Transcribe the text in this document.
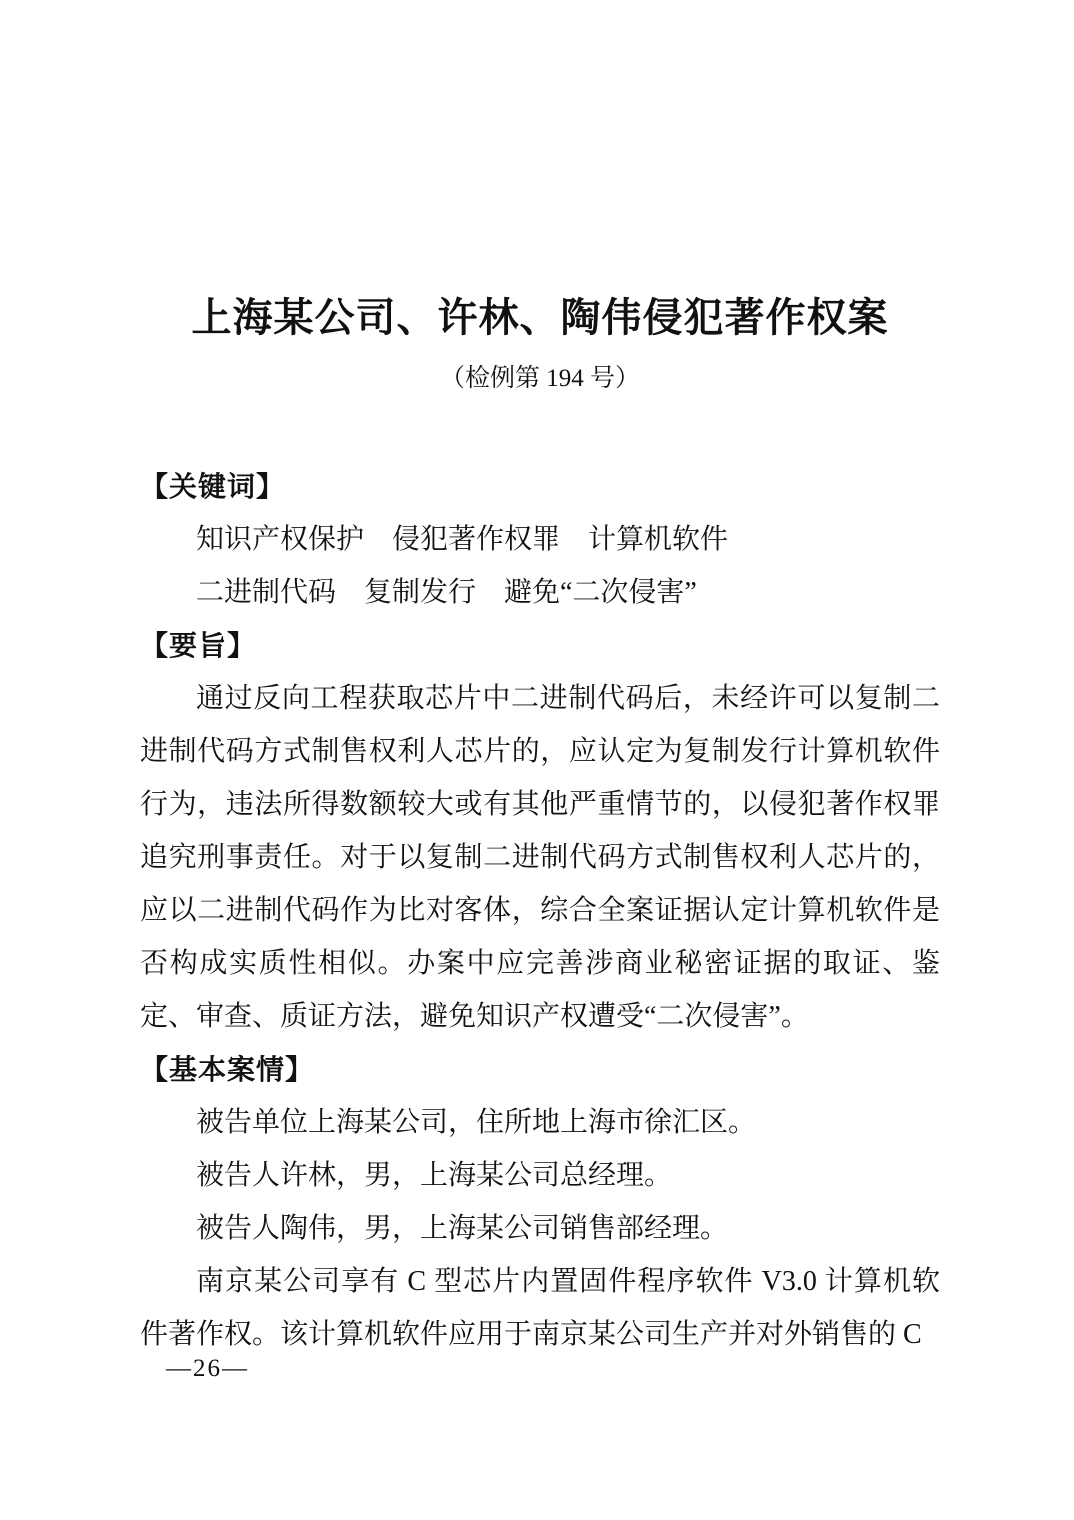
上海某公司、许林、陶伟侵犯著作权案
（检例第 194 号）
【关键词】
知识产权保护　侵犯著作权罪　计算机软件
二进制代码　复制发行　避免“二次侵害”
【要旨】

通过反向工程获取芯片中二进制代码后，未经许可以复制二进制代码方式制售权利人芯片的，应认定为复制发行计算机软件行为，违法所得数额较大或有其他严重情节的，以侵犯著作权罪追究刑事责任。对于以复制二进制代码方式制售权利人芯片的，应以二进制代码作为比对客体，综合全案证据认定计算机软件是否构成实质性相似。办案中应完善涉商业秘密证据的取证、鉴定、审查、质证方法，避免知识产权遭受“二次侵害”。

【基本案情】

被告单位上海某公司，住所地上海市徐汇区。

被告人许林，男，上海某公司总经理。

被告人陶伟，男，上海某公司销售部经理。

南京某公司享有 C 型芯片内置固件程序软件 V3.0 计算机软件著作权。该计算机软件应用于南京某公司生产并对外销售的 C

—26—
